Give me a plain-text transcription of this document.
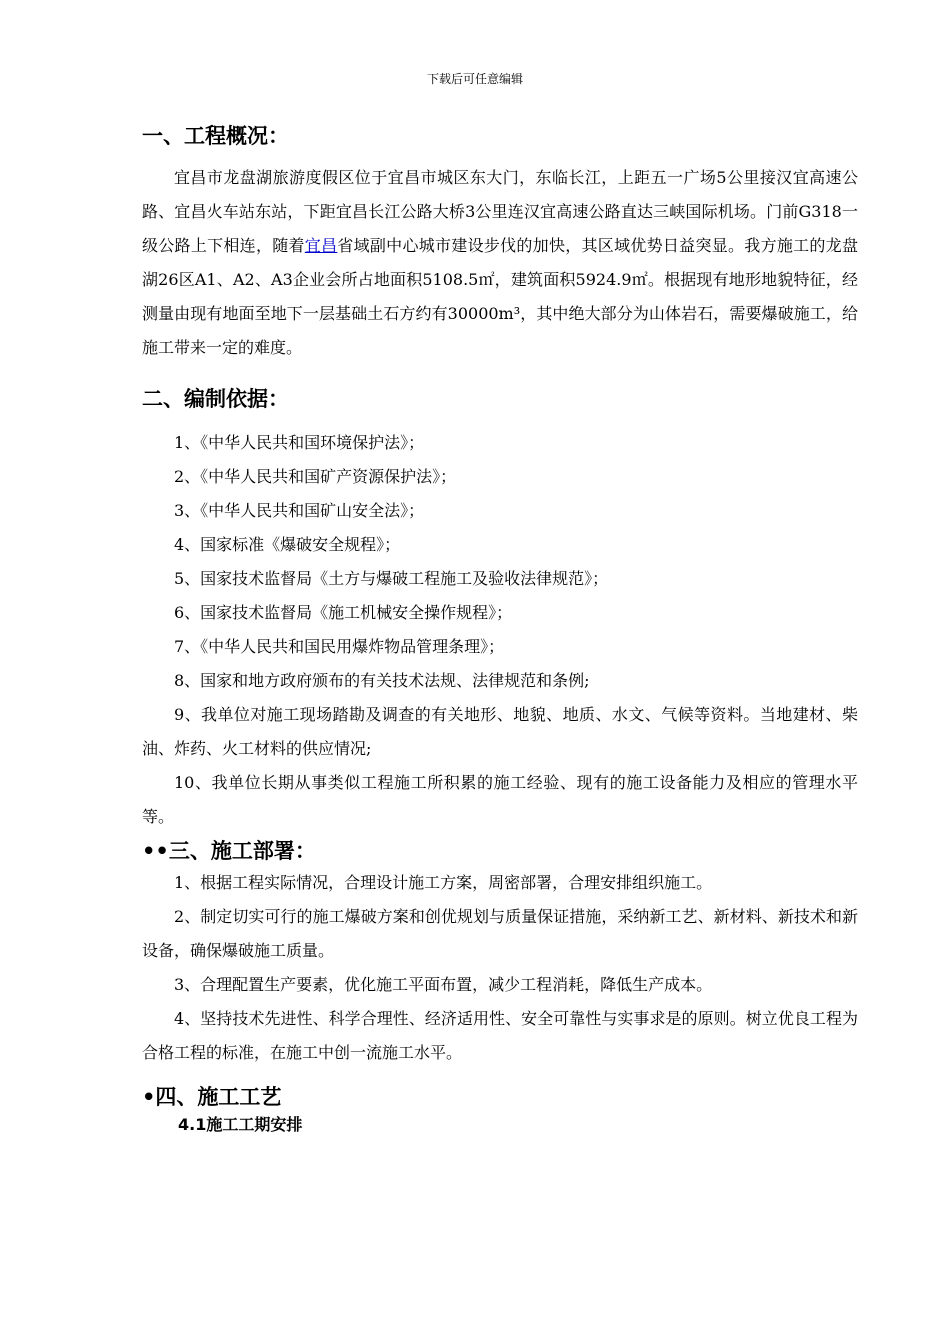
下载后可任意编辑
一、工程概况：

宜昌市龙盘湖旅游度假区位于宜昌市城区东大门，东临长江，上距五一广场5公里接汉宜高速公路、宜昌火车站东站，下距宜昌长江公路大桥3公里连汉宜高速公路直达三峡国际机场。门前G318一级公路上下相连，随着宜昌省域副中心城市建设步伐的加快，其区域优势日益突显。我方施工的龙盘湖26区A1、A2、A3企业会所占地面积5108.5㎡，建筑面积5924.9㎡。根据现有地形地貌特征，经测量由现有地面至地下一层基础土石方约有30000m³，其中绝大部分为山体岩石，需要爆破施工，给施工带来一定的难度。

二、编制依据：

1、《中华人民共和国环境保护法》；

2、《中华人民共和国矿产资源保护法》；

3、《中华人民共和国矿山安全法》；

4、国家标准《爆破安全规程》；

5、国家技术监督局《土方与爆破工程施工及验收法律规范》；

6、国家技术监督局《施工机械安全操作规程》；

7、《中华人民共和国民用爆炸物品管理条理》；

8、国家和地方政府颁布的有关技术法规、法律规范和条例;

9、我单位对施工现场踏勘及调查的有关地形、地貌、地质、水文、气候等资料。当地建材、柴油、炸药、火工材料的供应情况;

10、我单位长期从事类似工程施工所积累的施工经验、现有的施工设备能力及相应的管理水平等。

••三、施工部署：

1、根据工程实际情况，合理设计施工方案，周密部署，合理安排组织施工。

2、制定切实可行的施工爆破方案和创优规划与质量保证措施，采纳新工艺、新材料、新技术和新设备，确保爆破施工质量。

3、合理配置生产要素，优化施工平面布置，减少工程消耗，降低生产成本。

4、坚持技术先进性、科学合理性、经济适用性、安全可靠性与实事求是的原则。树立优良工程为合格工程的标准，在施工中创一流施工水平。

•四、施工工艺
4.1施工工期安排
